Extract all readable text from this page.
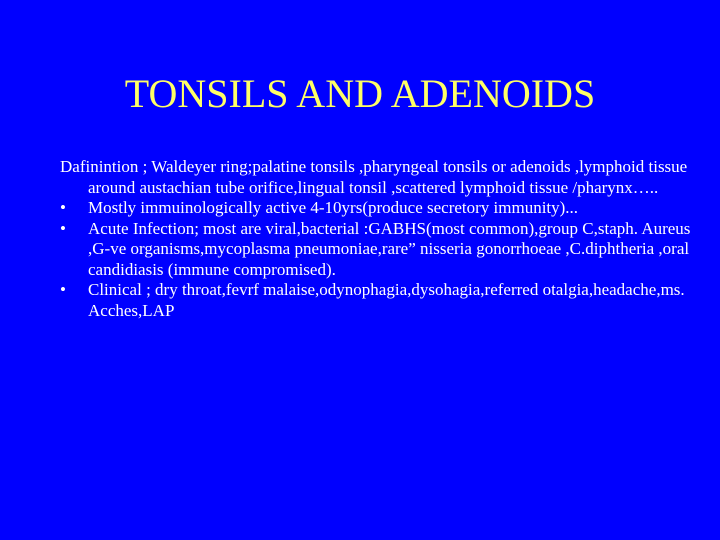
TONSILS AND ADENOIDS

Dafinintion ; Waldeyer ring;palatine tonsils ,pharyngeal tonsils or adenoids ,lymphoid tissue around austachian tube orifice,lingual tonsil ,scattered lymphoid tissue /pharynx…..

•	Mostly immuinologically active 4-10yrs(produce secretory immunity)...
•	Acute Infection; most are viral,bacterial :GABHS(most common),group C,staph. Aureus ,G-ve organisms,mycoplasma pneumoniae,rare” nisseria gonorrhoeae ,C.diphtheria ,oral candidiasis (immune compromised).
•	Clinical ; dry throat,fevrf malaise,odynophagia,dysohagia,referred otalgia,headache,ms. Acches,LAP
